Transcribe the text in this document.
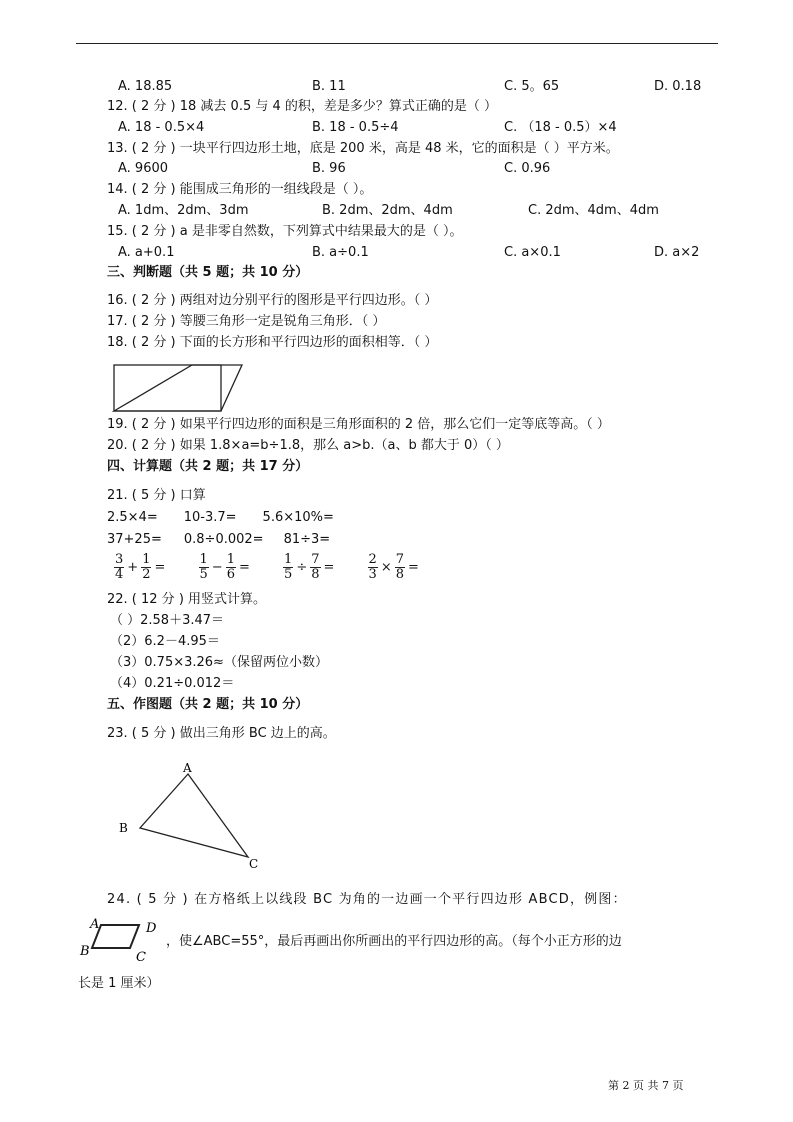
A. 18.85	B. 11	C. 5。65	D. 0.18
12. ( 2 分 ) 18 减去 0.5 与 4 的积，差是多少？算式正确的是（ ）
A. 18 - 0.5×4	B. 18 - 0.5÷4	C. （18 - 0.5）×4
13. ( 2 分 ) 一块平行四边形土地，底是 200 米，高是 48 米，它的面积是（ ）平方米。
A. 9600	B. 96	C. 0.96
14. ( 2 分 ) 能围成三角形的一组线段是（ ）。
A. 1dm、2dm、3dm	B. 2dm、2dm、4dm	C. 2dm、4dm、4dm
15. ( 2 分 ) a 是非零自然数，下列算式中结果最大的是（ ）。
A. a+0.1	B. a÷0.1	C. a×0.1	D. a×2
三、判断题（共 5 题；共 10 分）
16. ( 2 分 ) 两组对边分别平行的图形是平行四边形。（ ）
17. ( 2 分 ) 等腰三角形一定是锐角三角形．（ ）
18. ( 2 分 ) 下面的长方形和平行四边形的面积相等．（ ）
19. ( 2 分 ) 如果平行四边形的面积是三角形面积的 2 倍，那么它们一定等底等高。（ ）
20. ( 2 分 ) 如果 1.8×a=b÷1.8，那么 a>b.（a、b 都大于 0）（ ）
四、计算题（共 2 题；共 17 分）
21. ( 5 分 ) 口算
2.5×4= 10-3.7= 5.6×10%=
37+25= 0.8÷0.002= 81÷3=
$\frac{3}{4} + \frac{1}{2}$ =	$\frac{1}{5} - \frac{1}{6}$ =	$\frac{1}{5} \div \frac{7}{8}$ =	$\frac{2}{3} \times \frac{7}{8}$ =
22. ( 12 分 ) 用竖式计算。
（ ）2.58＋3.47＝
（2）6.2－4.95＝
（3）0.75×3.26≈（保留两位小数）
（4）0.21÷0.012＝
五、作图题（共 2 题；共 10 分）
23. ( 5 分 ) 做出三角形 BC 边上的高。
A
B
C
24. ( 5 分 ) 在方格纸上以线段 BC 为角的一边画一个平行四边形 ABCD，例图：
A
B	C
D
，使∠ABC=55°，最后再画出你所画出的平行四边形的高。（每个小正方形的边
长是 1 厘米）
第 2 页 共 7 页
